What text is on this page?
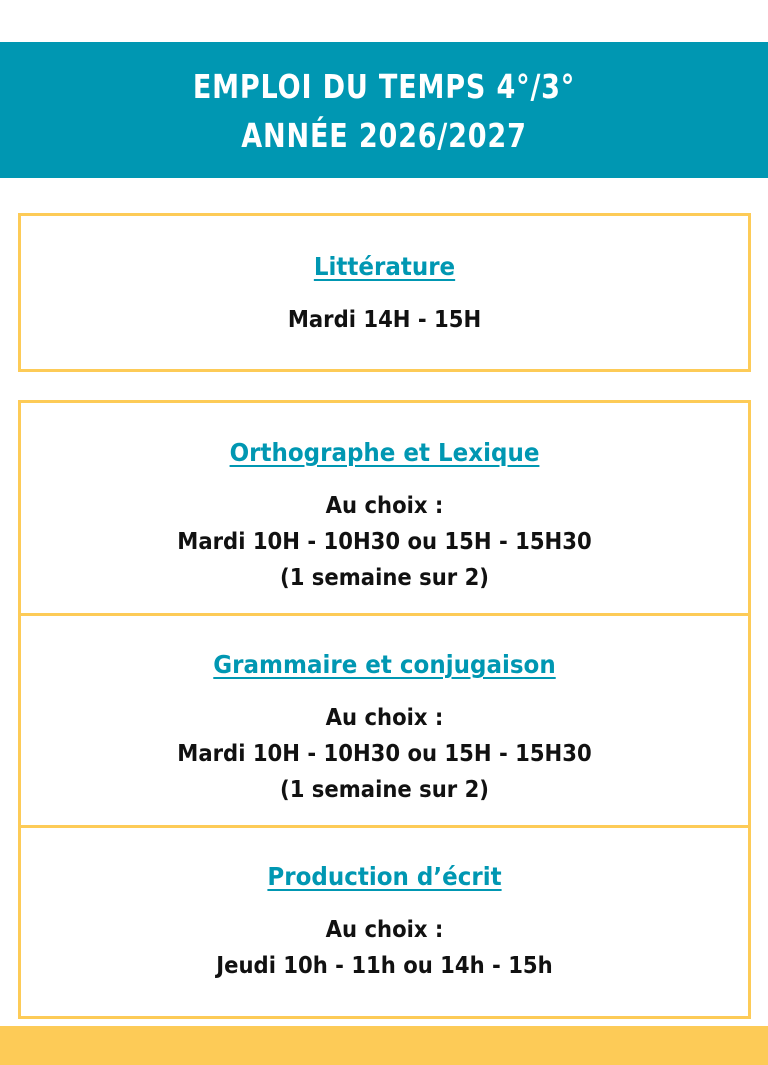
EMPLOI DU TEMPS 4°/3°
ANNÉE 2026/2027
Littérature
Mardi 14H - 15H
Orthographe et Lexique
Au choix :
Mardi 10H - 10H30 ou 15H - 15H30
(1 semaine sur 2)
Grammaire et conjugaison
Au choix :
Mardi 10H - 10H30 ou 15H - 15H30
(1 semaine sur 2)
Production d’écrit
Au choix :
Jeudi 10h - 11h ou 14h - 15h
